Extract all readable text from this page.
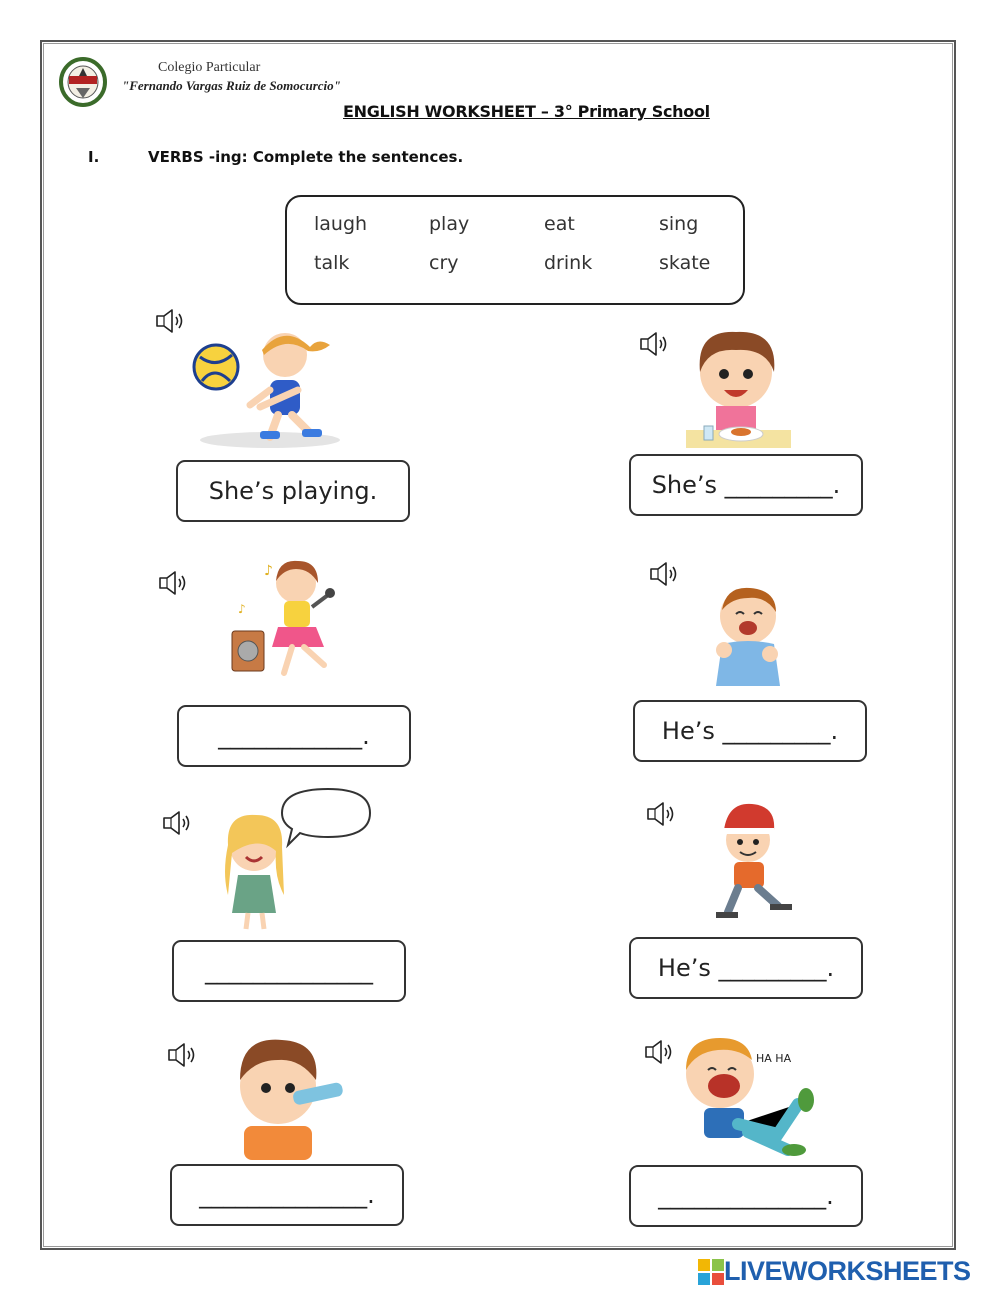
Colegio Particular
"Fernando Vargas Ruiz de Somocurcio"
ENGLISH WORKSHEET – 3° Primary School
I.	VERBS -ing: Complete the sentences.
laugh	play	eat	sing
talk	cry	drink	skate
She’s playing.	She’s _________.
♪
♪
____________.	He’s _________.
______________	He’s _________.
______________.
HA HA
______________.
LIVEWORKSHEETS
